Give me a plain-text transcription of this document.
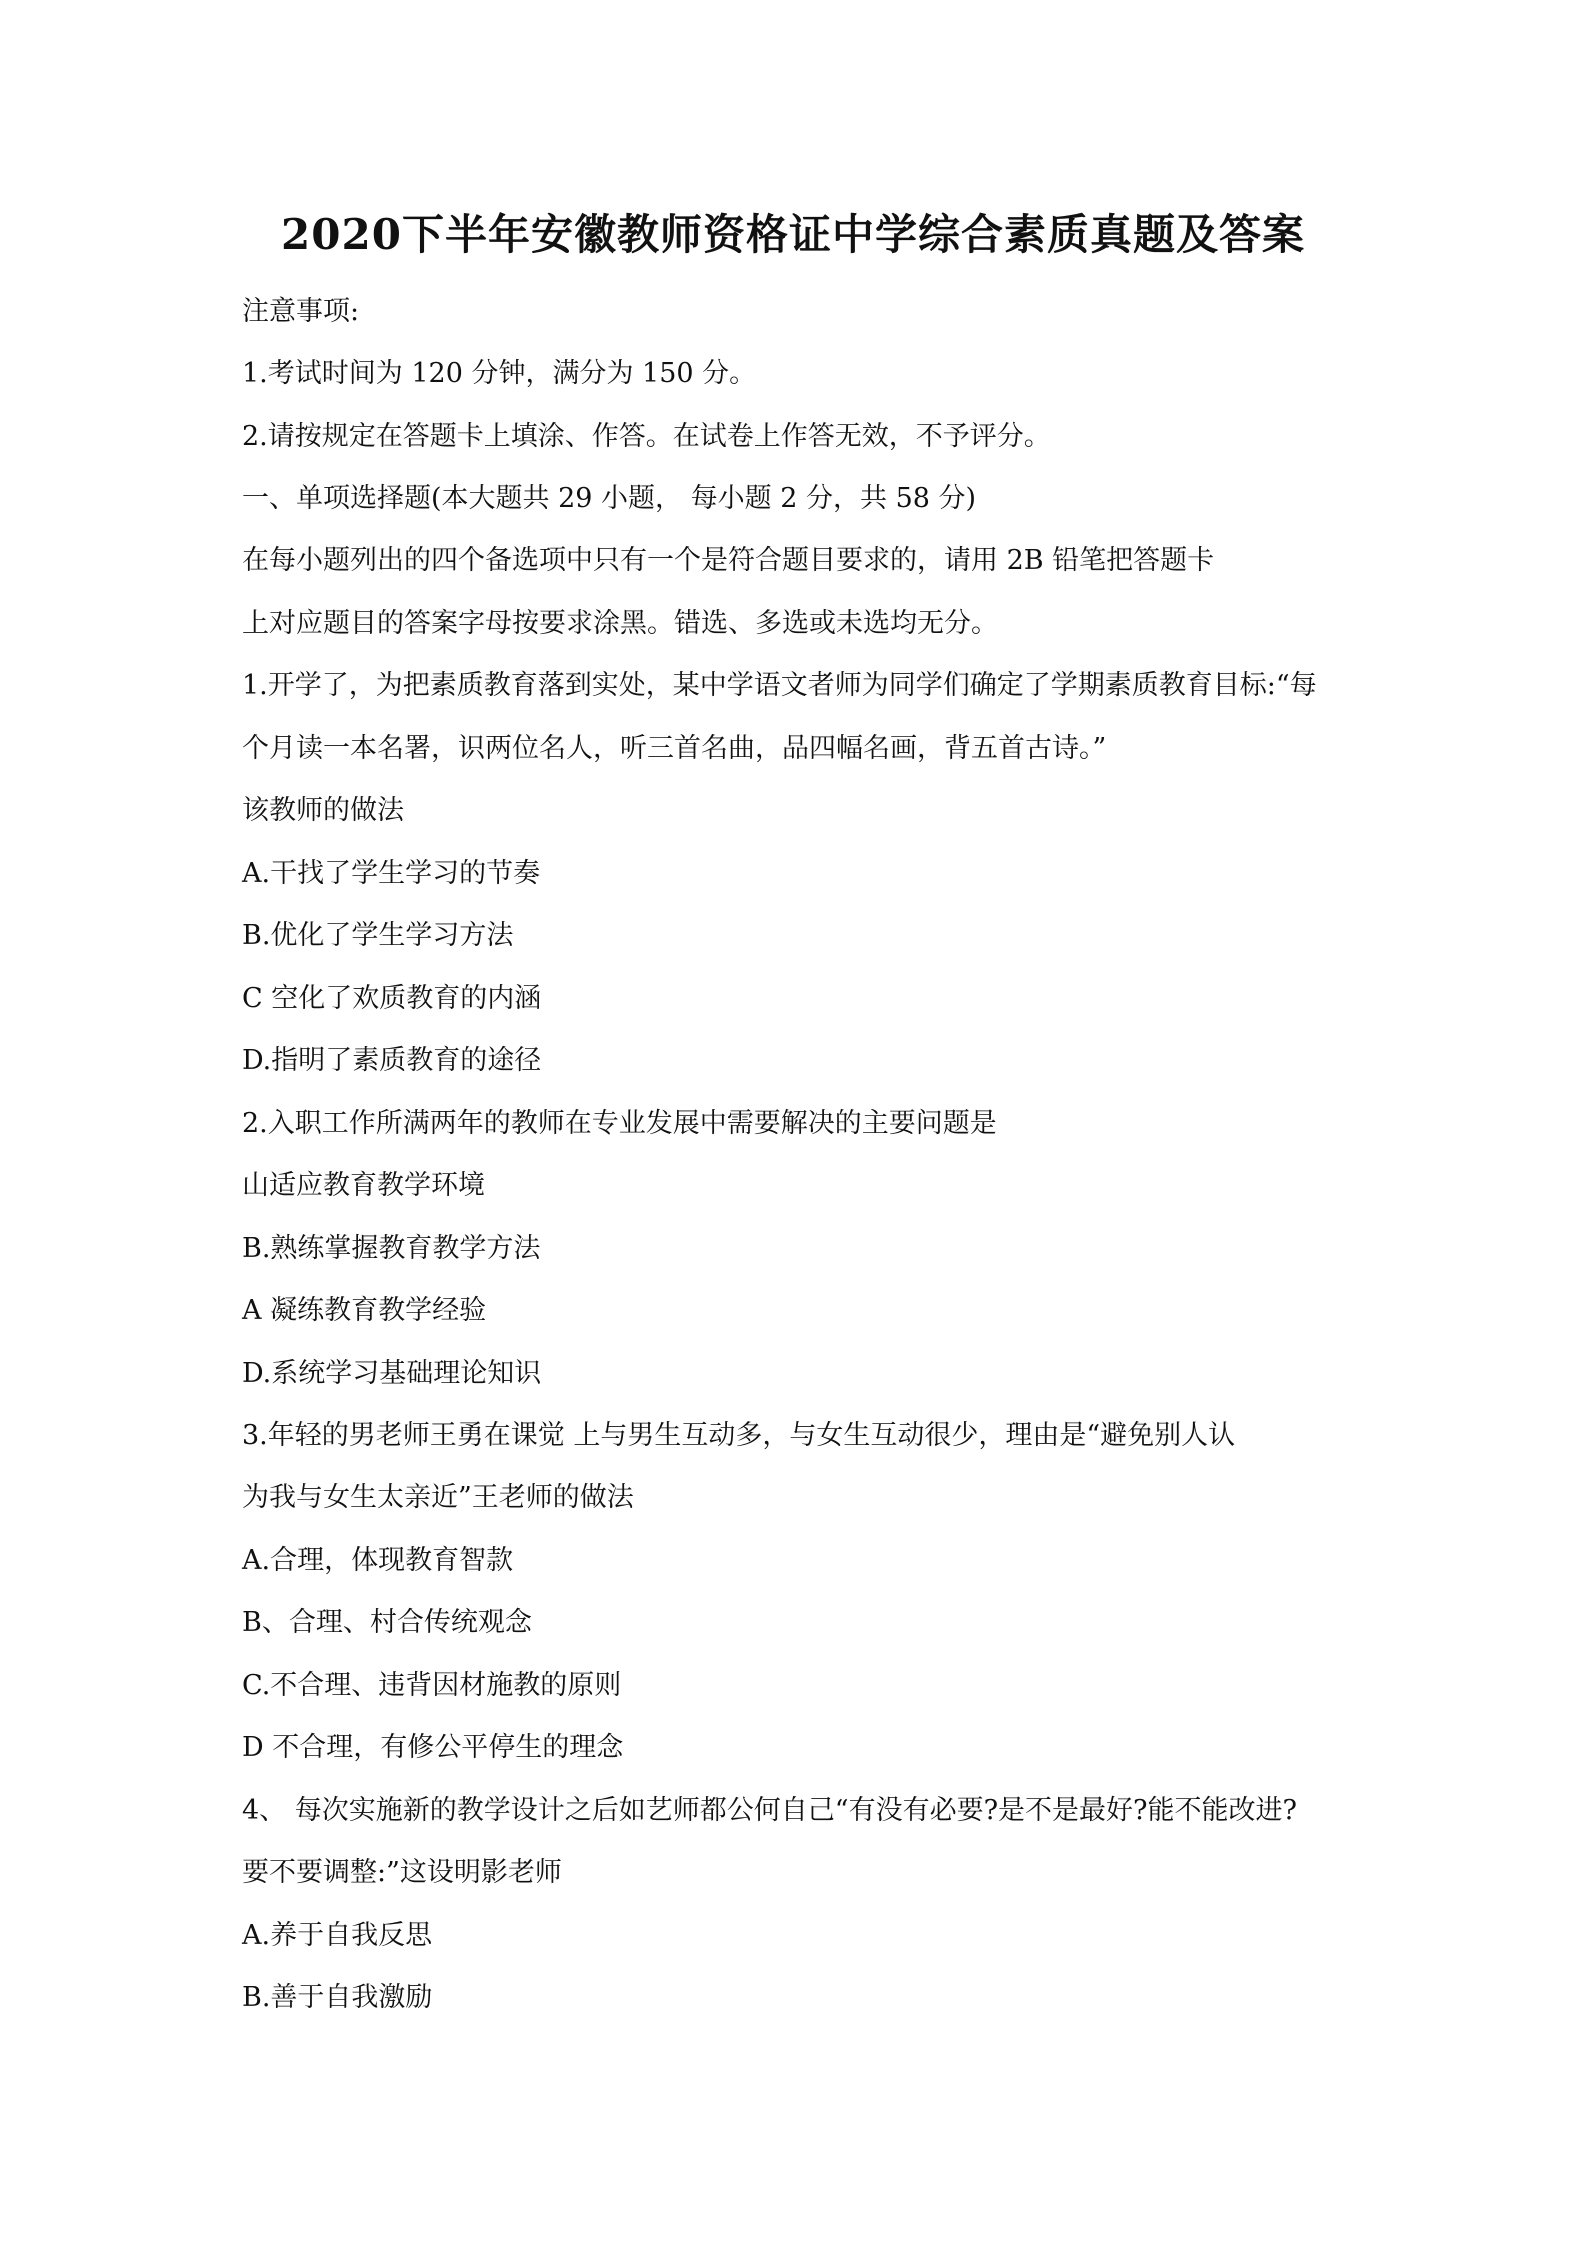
2020下半年安徽教师资格证中学综合素质真题及答案
注意事项:
1.考试时间为 120 分钟，满分为 150 分。
2.请按规定在答题卡上填涂、作答。在试卷上作答无效，不予评分。
一、单项选择题(本大题共 29 小题， 每小题 2 分，共 58 分)
在每小题列出的四个备选项中只有一个是符合题目要求的，请用 2B 铅笔把答题卡
上对应题目的答案字母按要求涂黑。错选、多选或未选均无分。
1.开学了，为把素质教育落到实处，某中学语文者师为同学们确定了学期素质教育目标:“每
个月读一本名署，识两位名人，听三首名曲，品四幅名画，背五首古诗。”
该教师的做法
A.干找了学生学习的节奏
B.优化了学生学习方法
C 空化了欢质教育的内涵
D.指明了素质教育的途径
2.入职工作所满两年的教师在专业发展中需要解决的主要问题是
山适应教育教学环境
B.熟练掌握教育教学方法
A 凝练教育教学经验
D.系统学习基础理论知识
3.年轻的男老师王勇在课觉 上与男生互动多，与女生互动很少，理由是“避免别人认
为我与女生太亲近”王老师的做法
A.合理，体现教育智款
B、合理、村合传统观念
C.不合理、违背因材施教的原则
D 不合理，有修公平停生的理念
4、 每次实施新的教学设计之后如艺师都公何自己“有没有必要?是不是最好?能不能改进?
要不要调整:”这设明影老师
A.养于自我反思
B.善于自我激励
